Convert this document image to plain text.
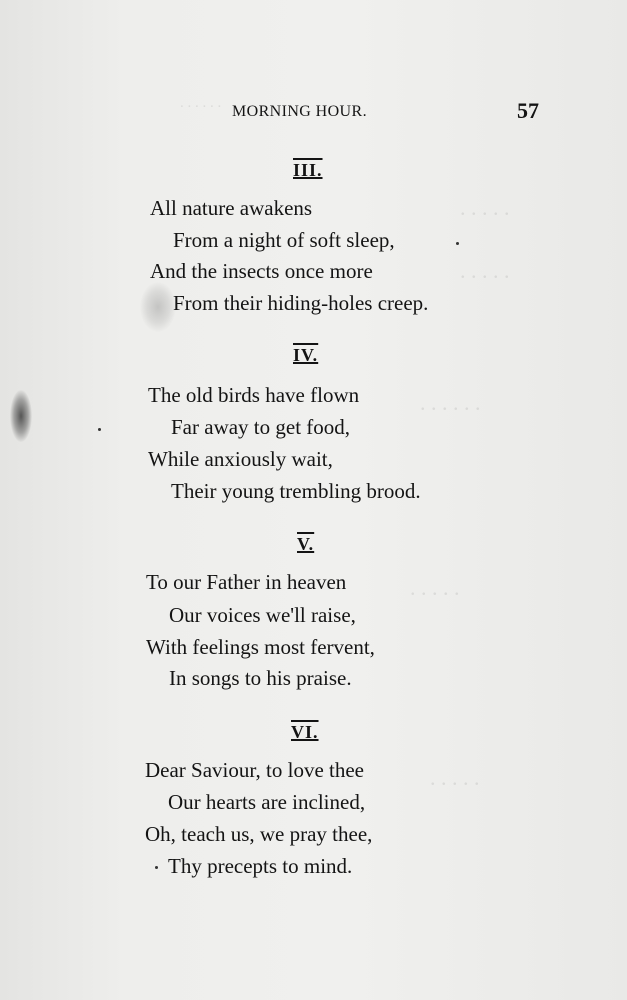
. . . . . .
. . . . .
. . . . .
. . . . . .
. . . . .
. . . . .
MORNING HOUR.	57
III.
All nature awakens
From a night of soft sleep,
And the insects once more
From their hiding-holes creep.
IV.
The old birds have flown
Far away to get food,
While anxiously wait,
Their young trembling brood.
V.
To our Father in heaven
Our voices we'll raise,
With feelings most fervent,
In songs to his praise.
VI.
Dear Saviour, to love thee
Our hearts are inclined,
Oh, teach us, we pray thee,
Thy precepts to mind.
